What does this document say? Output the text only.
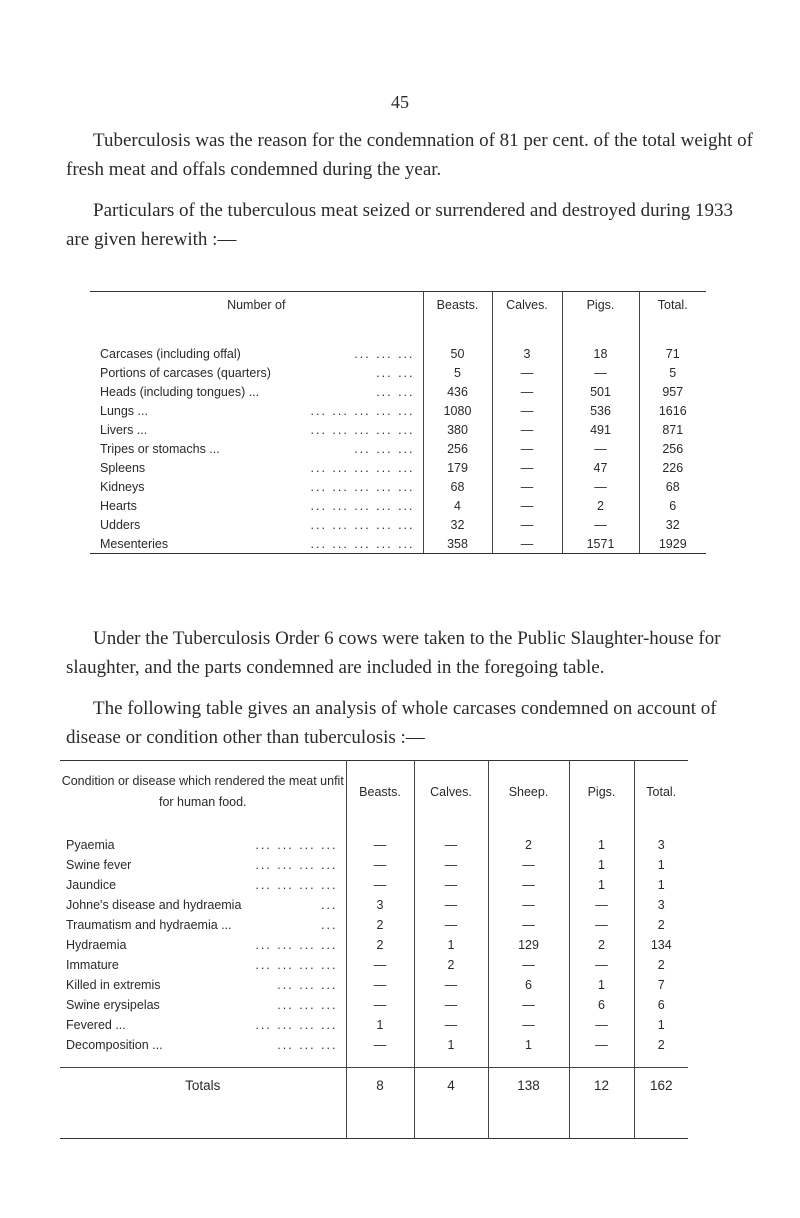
45
Tuberculosis was the reason for the condemnation of 81 per cent. of the total weight of fresh meat and offals condemned during the year.
Particulars of the tuberculous meat seized or surrendered and destroyed during 1933 are given herewith :—
Number of	Beasts.	Calves.	Pigs.	Total.

Carcases (including offal) ... ... ...	50	3	18	71

Portions of carcases (quarters) ... ...	5	—	—	5

Heads (including tongues) ... ... ...	436	—	501	957

Lungs ... ... ... ... ... ...	1080	—	536	1616

Livers ... ... ... ... ... ...	380	—	491	871

Tripes or stomachs ... ... ... ...	256	—	—	256

Spleens ... ... ... ... ...	179	—	47	226

Kidneys ... ... ... ... ...	68	—	—	68

Hearts ... ... ... ... ...	4	—	2	6

Udders ... ... ... ... ...	32	—	—	32

Mesenteries ... ... ... ... ...	358	—	1571	1929
Under the Tuberculosis Order 6 cows were taken to the Public Slaughter-house for slaughter, and the parts condemned are included in the foregoing table.
The following table gives an analysis of whole carcases condemned on account of disease or condition other than tuberculosis :—
Condition or disease which rendered the meat unfit for human food.	Beasts.	Calves.	Sheep.	Pigs.	Total.

Pyaemia ... ... ... ...	—	—	2	1	3

Swine fever ... ... ... ...	—	—	—	1	1

Jaundice ... ... ... ...	—	—	—	1	1

Johne's disease and hydraemia ...	3	—	—	—	3

Traumatism and hydraemia ... ...	2	—	—	—	2

Hydraemia ... ... ... ...	2	1	129	2	134

Immature ... ... ... ...	—	2	—	—	2

Killed in extremis ... ... ...	—	—	6	1	7

Swine erysipelas ... ... ...	—	—	—	6	6

Fevered ... ... ... ... ...	1	—	—	—	1

Decomposition ... ... ... ...	—	1	1	—	2

Totals	8	4	138	12	162
